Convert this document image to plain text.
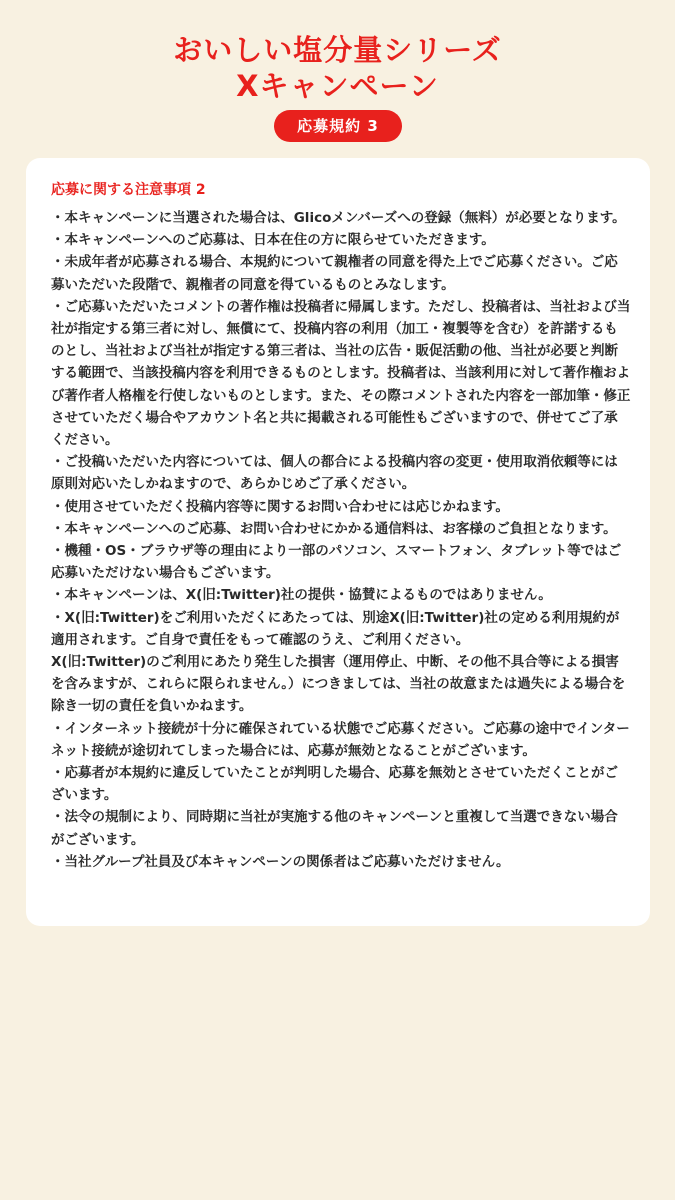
おいしい塩分量シリーズ
Xキャンペーン
応募規約 3
応募に関する注意事項 2

・本キャンペーンに当選された場合は、Glicoメンバーズへの登録（無料）が必要となります。

・本キャンペーンへのご応募は、日本在住の方に限らせていただきます。

・未成年者が応募される場合、本規約について親権者の同意を得た上でご応募ください。ご応募いただいた段階で、親権者の同意を得ているものとみなします。

・ご応募いただいたコメントの著作権は投稿者に帰属します。ただし、投稿者は、当社および当社が指定する第三者に対し、無償にて、投稿内容の利用（加工・複製等を含む）を許諾するものとし、当社および当社が指定する第三者は、当社の広告・販促活動の他、当社が必要と判断する範囲で、当該投稿内容を利用できるものとします。投稿者は、当該利用に対して著作権および著作者人格権を行使しないものとします。また、その際コメントされた内容を一部加筆・修正させていただく場合やアカウント名と共に掲載される可能性もございますので、併せてご了承ください。

・ご投稿いただいた内容については、個人の都合による投稿内容の変更・使用取消依頼等には原則対応いたしかねますので、あらかじめご了承ください。

・使用させていただく投稿内容等に関するお問い合わせには応じかねます。

・本キャンペーンへのご応募、お問い合わせにかかる通信料は、お客様のご負担となります。

・機種・OS・ブラウザ等の理由により一部のパソコン、スマートフォン、タブレット等ではご応募いただけない場合もございます。

・本キャンペーンは、X(旧:Twitter)社の提供・協賛によるものではありません。

・X(旧:Twitter)をご利用いただくにあたっては、別途X(旧:Twitter)社の定める利用規約が適用されます。ご自身で責任をもって確認のうえ、ご利用ください。

X(旧:Twitter)のご利用にあたり発生した損害（運用停止、中断、その他不具合等による損害を含みますが、これらに限られません。）につきましては、当社の故意または過失による場合を除き一切の責任を負いかねます。

・インターネット接続が十分に確保されている状態でご応募ください。ご応募の途中でインターネット接続が途切れてしまった場合には、応募が無効となることがございます。

・応募者が本規約に違反していたことが判明した場合、応募を無効とさせていただくことがございます。

・法令の規制により、同時期に当社が実施する他のキャンペーンと重複して当選できない場合がございます。

・当社グループ社員及び本キャンペーンの関係者はご応募いただけません。
